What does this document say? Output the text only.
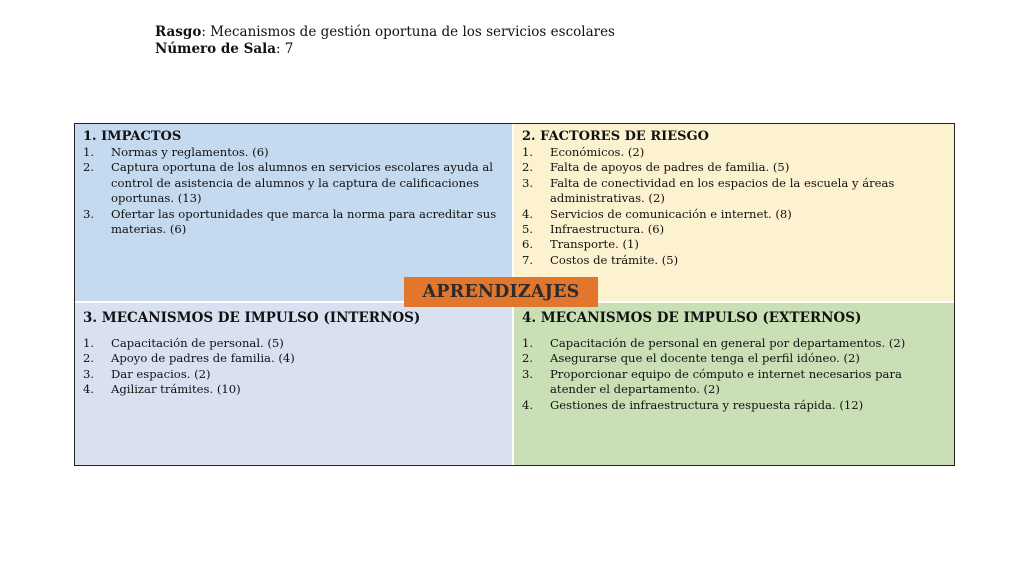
Rasgo: Mecanismos de gestión oportuna de los servicios escolares
Número de Sala: 7
1. IMPACTOS
1.	Normas y reglamentos. (6)
2.	Captura oportuna de los alumnos en servicios escolares ayuda al control de asistencia de alumnos y la captura de calificaciones oportunas. (13)
3.	Ofertar las oportunidades que marca la norma para acreditar sus materias. (6)
2. FACTORES DE RIESGO
1.	Económicos. (2)
2.	Falta de apoyos de padres de familia. (5)
3.	Falta de conectividad en los espacios de la escuela y áreas administrativas. (2)
4.	Servicios de comunicación e internet. (8)
5.	Infraestructura. (6)
6.	Transporte. (1)
7.	Costos de trámite. (5)
3. MECANISMOS DE IMPULSO (INTERNOS)
1.	Capacitación de personal. (5)
2.	Apoyo de padres de familia. (4)
3.	Dar espacios. (2)
4.	Agilizar trámites. (10)
4. MECANISMOS DE IMPULSO (EXTERNOS)
1.	Capacitación de personal en general por departamentos. (2)
2.	Asegurarse que el docente tenga el perfil idóneo. (2)
3.	Proporcionar equipo de cómputo e internet necesarios para atender el departamento. (2)
4.	Gestiones de infraestructura y respuesta rápida. (12)
APRENDIZAJES
